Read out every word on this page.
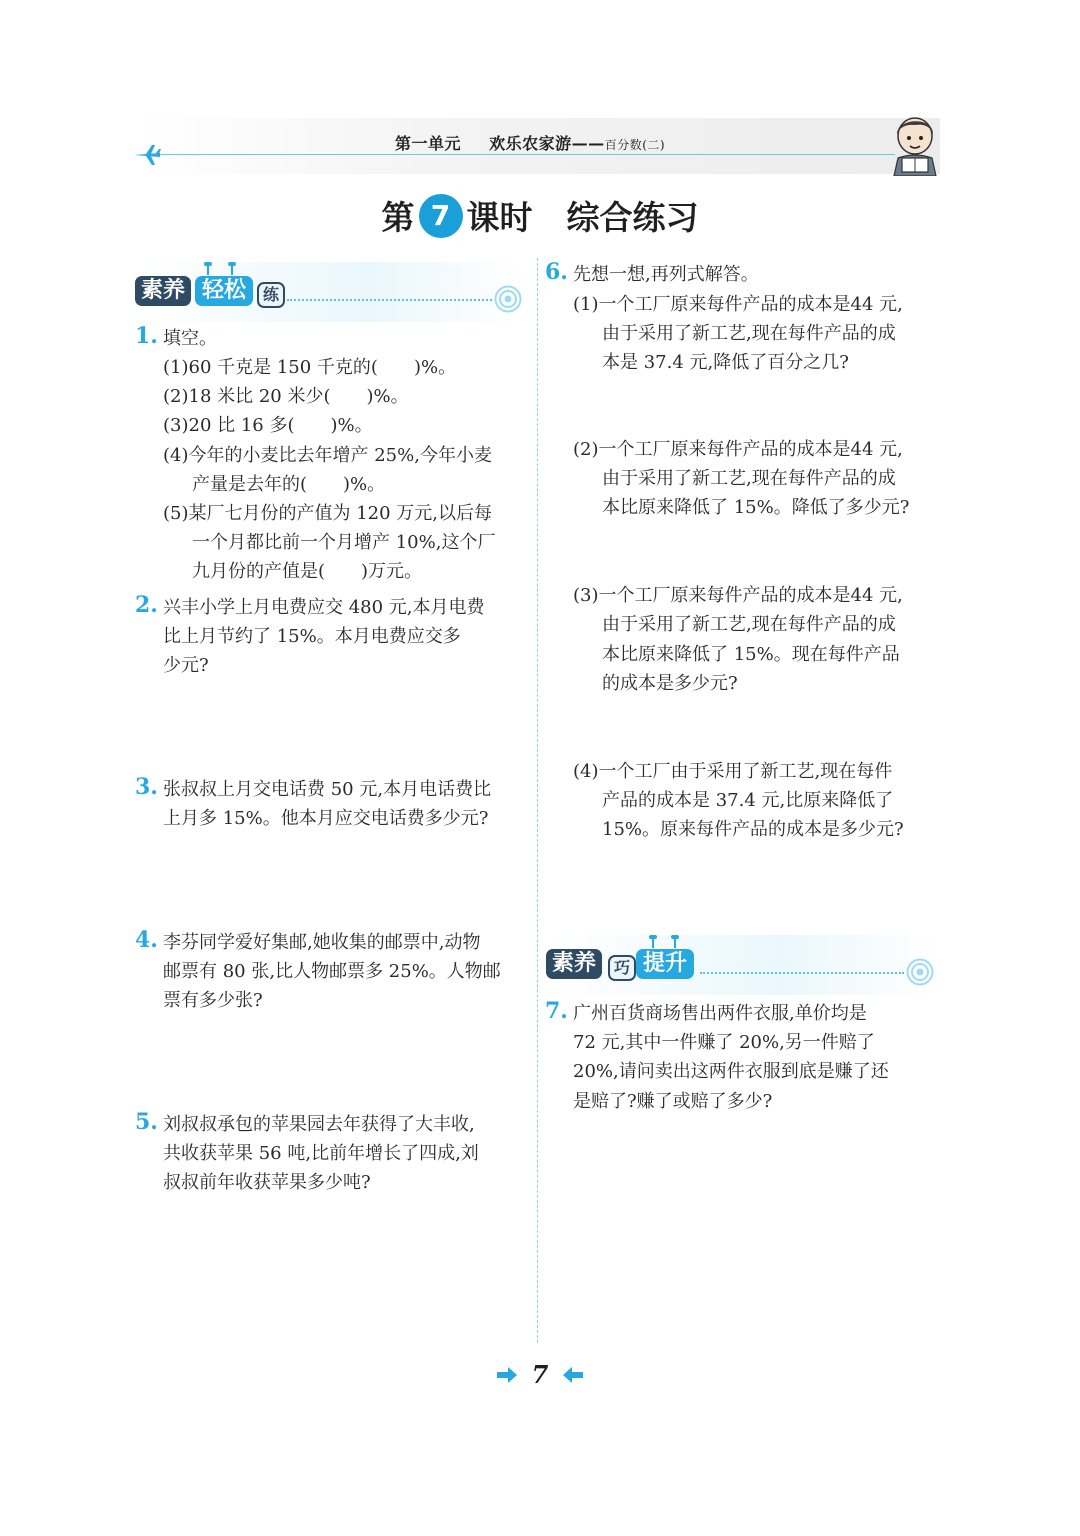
第一单元 欢乐农家游——百分数(二)
第 7 课时 综合练习
素养 轻松	练
1. 填空。
(1)60 千克是 150 千克的(　　)%。
(2)18 米比 20 米少(　　)%。
(3)20 比 16 多(　　)%。
(4)今年的小麦比去年增产 25%,今年小麦
产量是去年的(　　)%。
(5)某厂七月份的产值为 120 万元,以后每
一个月都比前一个月增产 10%,这个厂
九月份的产值是(　　)万元。
2. 兴丰小学上月电费应交 480 元,本月电费
比上月节约了 15%。本月电费应交多
少元?
3. 张叔叔上月交电话费 50 元,本月电话费比
上月多 15%。他本月应交电话费多少元?
4. 李芬同学爱好集邮,她收集的邮票中,动物
邮票有 80 张,比人物邮票多 25%。人物邮
票有多少张?
5. 刘叔叔承包的苹果园去年获得了大丰收,
共收获苹果 56 吨,比前年增长了四成,刘
叔叔前年收获苹果多少吨?
6. 先想一想,再列式解答。
(1)一个工厂原来每件产品的成本是44 元,
由于采用了新工艺,现在每件产品的成
本是 37.4 元,降低了百分之几?
(2)一个工厂原来每件产品的成本是44 元,
由于采用了新工艺,现在每件产品的成
本比原来降低了 15%。降低了多少元?
(3)一个工厂原来每件产品的成本是44 元,
由于采用了新工艺,现在每件产品的成
本比原来降低了 15%。现在每件产品
的成本是多少元?
(4)一个工厂由于采用了新工艺,现在每件
产品的成本是 37.4 元,比原来降低了
15%。原来每件产品的成本是多少元?
素养	巧 提升
7. 广州百货商场售出两件衣服,单价均是
72 元,其中一件赚了 20%,另一件赔了
20%,请问卖出这两件衣服到底是赚了还
是赔了?赚了或赔了多少?
7
